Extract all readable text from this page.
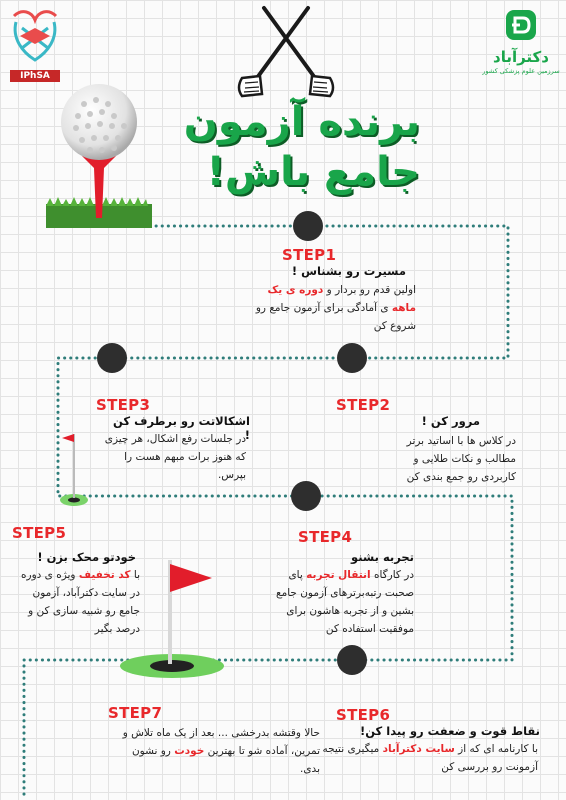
IPhSA
دکترآباد
سرزمین علوم پزشکی کشور
برنده آزمون
جامع باش!
STEP1
مسیرت رو بشناس !
اولین قدم رو بردار و دوره ی یک ماهه ی آمادگی برای آزمون جامع رو شروع کن
STEP2
مرور کن !
در کلاس ها با اساتید برتر مطالب و نکات طلایی و کاربردی رو جمع بندی کن
STEP3
اشکالاتت رو برطرف کن !
در جلسات رفع اشکال، هر چیزی که هنوز برات مبهم هست را بپرس.
STEP4
تجربه بشنو
در کارگاه انتقال تجربه پای صحبت رتبه‌برترهای آزمون جامع بشین و از تجربه هاشون برای موفقیت استفاده کن
STEP5
خودتو محک بزن !
با کد تخفیف ویژه ی دوره در سایت دکترآباد، آزمون جامع رو شبیه سازی کن و درصد بگیر
STEP6
نقاط قوت و ضعفت رو پیدا کن!
با کارنامه ای که از سایت دکترآباد میگیری نتیجه آزمونت رو بررسی کن
STEP7
حالا وقتشه بدرخشی ... بعد از یک ماه تلاش و تمرین، آماده شو تا بهترین خودت رو نشون بدی.
